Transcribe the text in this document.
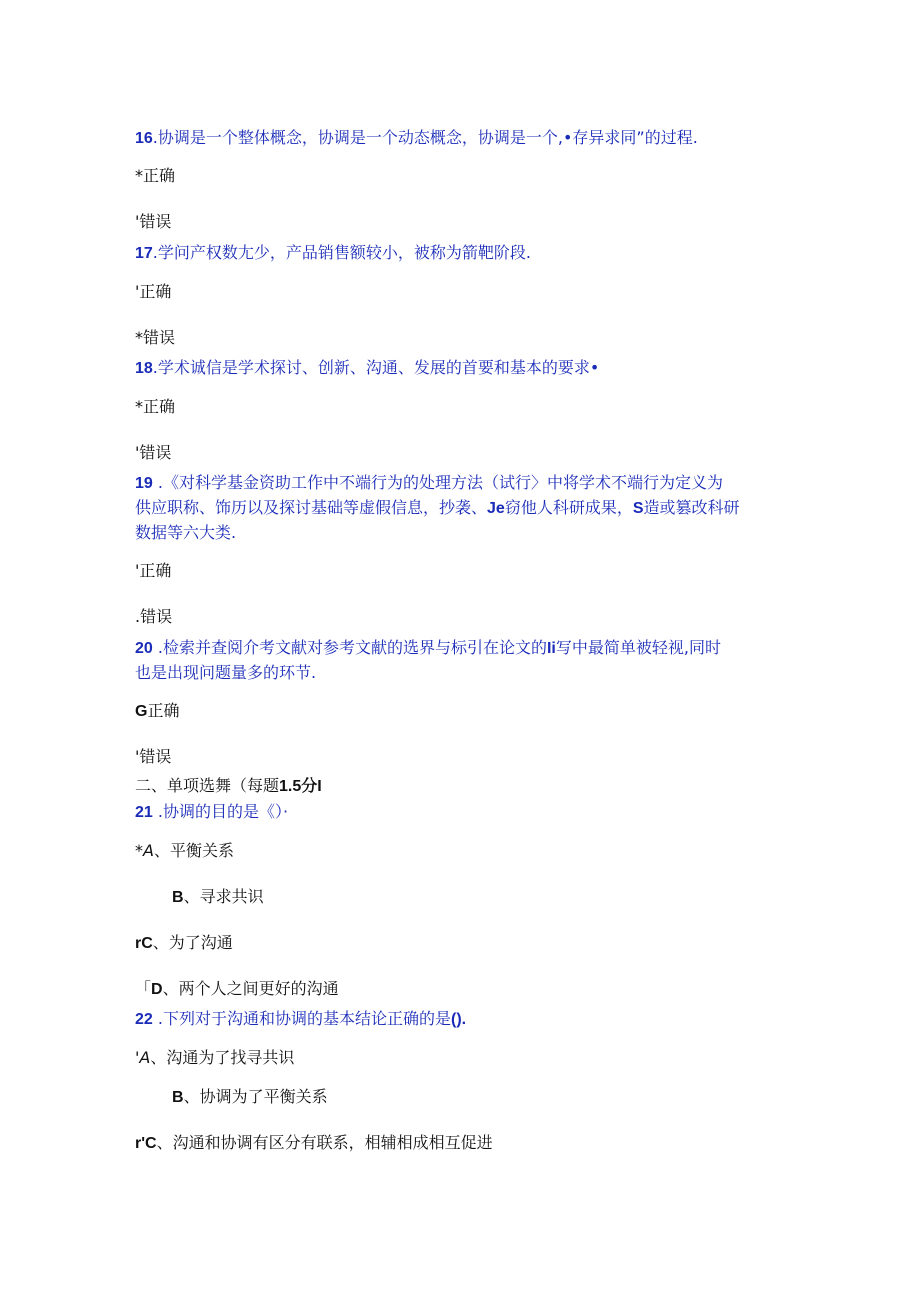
16.协调是一个整体概念，协调是一个动态概念，协调是一个,•存异求同”的过程.
*正确
'错误
17.学问产权数尢少，产品销售额较小，被称为箭靶阶段.
'正确
*错误
18.学术诚信是学术探讨、创新、沟通、发展的首要和基本的要求•
*正确
'错误
19 .《对科学基金资助工作中不端行为的处理方法（试行〉中将学术不端行为定义为
供应职称、饰历以及探讨基础等虚假信息，抄袭、Je窃他人科研成果，S造或篡改科研
数据等六大类.
'正确
.错误
20 .检索并查阅介考文献对参考文献的选界与标引在论文的Ii写中最简单被轻视,同时
也是出现问题量多的环节.
G正确
'错误
二、单项选舞（每题1.5分I
21 .协调的目的是《）·
*A、平衡关系
B、寻求共识
rC、为了沟通
「D、两个人之间更好的沟通
22 .下列对于沟通和协调的基本结论正确的是().
'A、沟通为了找寻共识
B、协调为了平衡关系
r'C、沟通和协调有区分有联系，相辅相成相互促进
